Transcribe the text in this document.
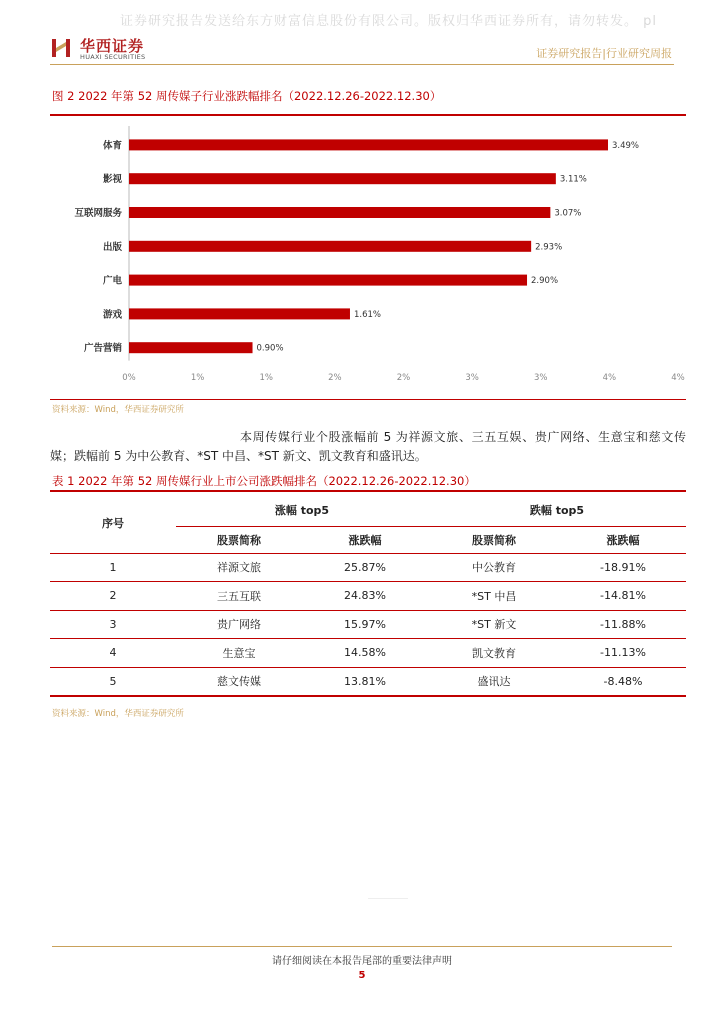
证券研究报告发送给东方财富信息股份有限公司。版权归华西证券所有，请勿转发。 pl
华西证券
HUAXI SECURITIES	证券研究报告|行业研究周报
图 2 2022 年第 52 周传媒子行业涨跌幅排名（2022.12.26-2022.12.30）
体育	3.49%
影视	3.11%
互联网服务	3.07%
出版	2.93%
广电	2.90%
游戏	1.61%
广告营销	0.90%
0%	1%	1%	2%	2%	3%	3%	4%	4%
资料来源：Wind，华西证券研究所
本周传媒行业个股涨幅前 5 为祥源文旅、三五互娱、贵广网络、生意宝和慈文传媒；跌幅前 5 为中公教育、*ST 中昌、*ST 新文、凯文教育和盛讯达。
表 1 2022 年第 52 周传媒行业上市公司涨跌幅排名（2022.12.26-2022.12.30）
序号	涨幅 top5		跌幅 top5	
	股票简称	涨跌幅	股票简称	涨跌幅
1	祥源文旅	25.87%	中公教育	-18.91%
2	三五互联	24.83%	*ST 中昌	-14.81%
3	贵广网络	15.97%	*ST 新文	-11.88%
4	生意宝	14.58%	凯文教育	-11.13%
5	慈文传媒	13.81%	盛讯达	-8.48%
资料来源：Wind，华西证券研究所
请仔细阅读在本报告尾部的重要法律声明
5
